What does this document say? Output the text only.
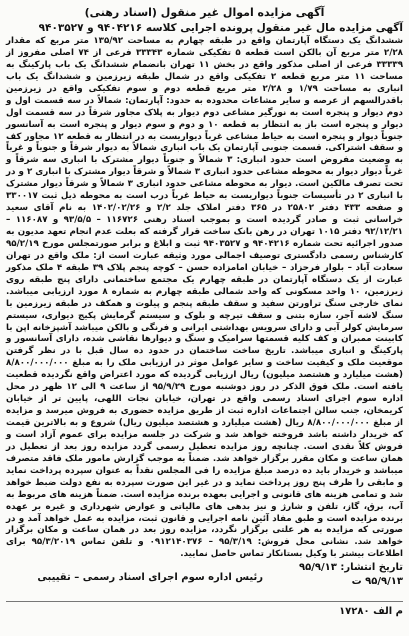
آگهی مزایده اموال غیر منقول (اسناد رهنی)
آگهی مزایده مال غیر منقول پرونده اجرایی کلاسه ۹۴۰۴۲۱۶ و ۹۴۰۳۵۲۷

ششدانگ یک دستگاه آپارتمان واقع در طبقه چهارم به مساحت ۱۳۵/۹۲ متر مربع که مقدار ۲/۲۸ متر مربع آن بالکن است قطعه ۵ تفکیکی شماره ۳۳۳۴۳ فرعی از ۷۴ اصلی مفروز از ۳۳۳۳۹ فرعی از اصلی مذکور واقع در بخش ۱۱ تهران بانضمام ششدانگ یک باب پارکینگ به مساحت ۱۱ متر مربع قطعه ۲ تفکیکی واقع در شمال طبقه زیرزمین و ششدانگ یک باب انباری به مساحت ۱/۷۹ و ۲/۲۸ متر مربع قطعه دوم و سوم تفکیکی واقع در زیرزمین باقدرالسهم از عرصه و سایر مشاعات محدوده به حدود: آپارتمان: شمالاً در سه قسمت اول و دوم دیوار و پنجره است به نورگیر مشاعی دوم دیوار به پلاک مجاور شرقاً در سه قسمت اول دیوار و پنجره است باز به انتظار به قطعه ۱۰ و دوم و سوم دیوار و پنجره است به آسانسور جنوباً دیوار و پنجره است به حیاط مشاعی غرباً دیواریست به در انتظار به قطعه ۱۲ مجاور کف و سقف اشتراکی. قسمت جنوبی آپارتمان یک باب انباری شمالاً به دیوار شرقاً و جنوباً و غرباً به وضعیت مفروض است حدود انباری: ۳ شمالاً و جنوباً دیوار مشترک با انباری سه شرقاً و غرباً دیوار دیوار به محوطه مشاعی حدود انباری ۳ شمالاً و شرقاً دیوار مشترک با انباری ۲ و در تحت تصرف مالکین است. دیوار به محوطه مشاعی حدود انباری ۳ شمالاً و شرقاً دیوار مشترک با انباری ۲ در تأسیسات جنوباً دیواریست به حیاط غرباً درب است به محوطه ذیل ثبت ۳۳۰۰۱۷ و صفحه ۴۳۳ دفتر ۲۵۸۰۲ در ۳۶۵ دفتر املاک جلد ۲/۲ و ۱۴۰۲/۰۲/۲۶ به نام آقای سعید خراسانی ثبت و صادر گردیده است و بموجب اسناد رهنی ۱۱۶۷۲۶ – ۹۳/۵/۵ و ۱۱۶۰۸۷ – ۹۲/۱۲/۲۱ دفتر ۱۰۱۵ تهران در رهن بانک ساخت قرار گرفته که بعلت عدم انجام تعهد مدیون به صدور اجرائیه تحت شماره ۹۴۰۴۲۱۶ و ۹۴۰۳۵۲۷ ثبت و ابلاغ و برابر صورتمجلس مورخ ۹۵/۲/۱۹ کارشناس رسمی دادگستری توصیف اجمالی مورد وثیقه عبارت است از: ملک واقع در تهران سعادت آباد – بلوار فرحزاد – خیابان امامزاده حسن – کوچه پنجم پلاک ۳۹ طبقه ۴ ملک مذکور عبارت از یک دستگاه آپارتمان در طبقه چهارم یک مجتمع ساختمانی دارای پنج طبقه روی زیرزمین، ۱۰ واحد مسکونی که واحد شمالی طبقه چهارم به شماره ۸ مورد ارزیابی میباشد. نمای خارجی سنگ تراورتن سفید و سقف طبقه پنجم و پیلوت و همکف در طبقه زیرزمین با سنگ لاشه آجر، سازه بتنی و سقف تیرچه و بلوک و سیستم گرمایش پکیج دیواری، سیستم سرمایش کولر آبی و دارای سرویس بهداشتی ایرانی و فرنگی و بالکن میباشد آشپزخانه اپن با کابینت ممبران و کف کلیه قسمتها سرامیک و سنگ و دیوارها نقاشی شده، دارای آسانسور و پارکینگ و انباری میباشد. تاریخ ساخت ساختمان در حدود ده سال قبل با در نظر گرفتن موقعیت ملک و کیفیت ساخت و سایر عوامل موثر در ارزیابی ملک را به مبلغ ۸/۸۰۰/۰۰۰/۰۰۰ (هشت میلیارد و هشتصد میلیون) ریال ارزیابی گردیده که مورد اعتراض واقع نگردیده قطعیت یافته است. ملک فوق الذکر در روز دوشنبه مورخ ۹۵/۹/۲۹ از ساعت ۹ الی ۱۲ ظهر در محل اداره سوم اجرای اسناد رسمی واقع در تهران، خیابان نجات اللهی، پایین تر از خیابان کریمخان، جنب سالن اجتماعات اداره ثبت از طریق مزایده حضوری به فروش میرسد و مزایده از مبلغ ۸/۸۰۰/۰۰۰/۰۰۰ ریال (هشت میلیارد و هشتصد میلیون ریال) شروع و به بالاترین قیمت که خریدار داشته باشد فروخته خواهد شد و شرکت در جلسه مزایده برای عموم آزاد است و فروش کلاً نقدی است. چنانچه روز مزایده تعطیل رسمی گردد مزایده روز بعد از تعطیل در همان ساعت و مکان مقرر برگزار خواهد شد. ضمناً به موجب گزارش مامور ملک فاقد متصرف میباشد و خریدار باید ده درصد مبلغ مزایده را فی المجلس نقداً به عنوان سپرده پرداخت نماید و مابقی را ظرف پنج روز پرداخت نماید و در غیر این صورت سپرده به نفع دولت ضبط خواهد شد و تمامی هزینه های قانونی و اجرایی بعهده برنده مزایده است. ضمناً هزینه های مربوط به آب، برق، گاز، تلفن و شارژ و نیز بدهی های مالیاتی و عوارض شهرداری و غیره بر عهده برنده مزایده است و طبق مفاد آئین نامه اجرایی و قانون ثبت، مزایده به عمل خواهد آمد و در صورتی که مزایده به هر علتی برگزار نگردد، مزایده روز بعد در همان ساعت و مکان برگزار خواهد شد. نشانی محل فروش: ۹۵/۳/۱۹ – ۰۹۱۲۱۴۰۳۷۶ و تلفن تماس ۹۵/۳/۲۰۱۹ برای اطلاعات بیشتر با وکیل بستانکار تماس حاصل نمایید.

تاریخ انتشار: ۹۵/۹/۱۳
۹۵/۹/۱۳ ت
رئیس اداره سوم اجرای اسناد رسمی – تقییبی
م الف ۱۷۲۸۰
